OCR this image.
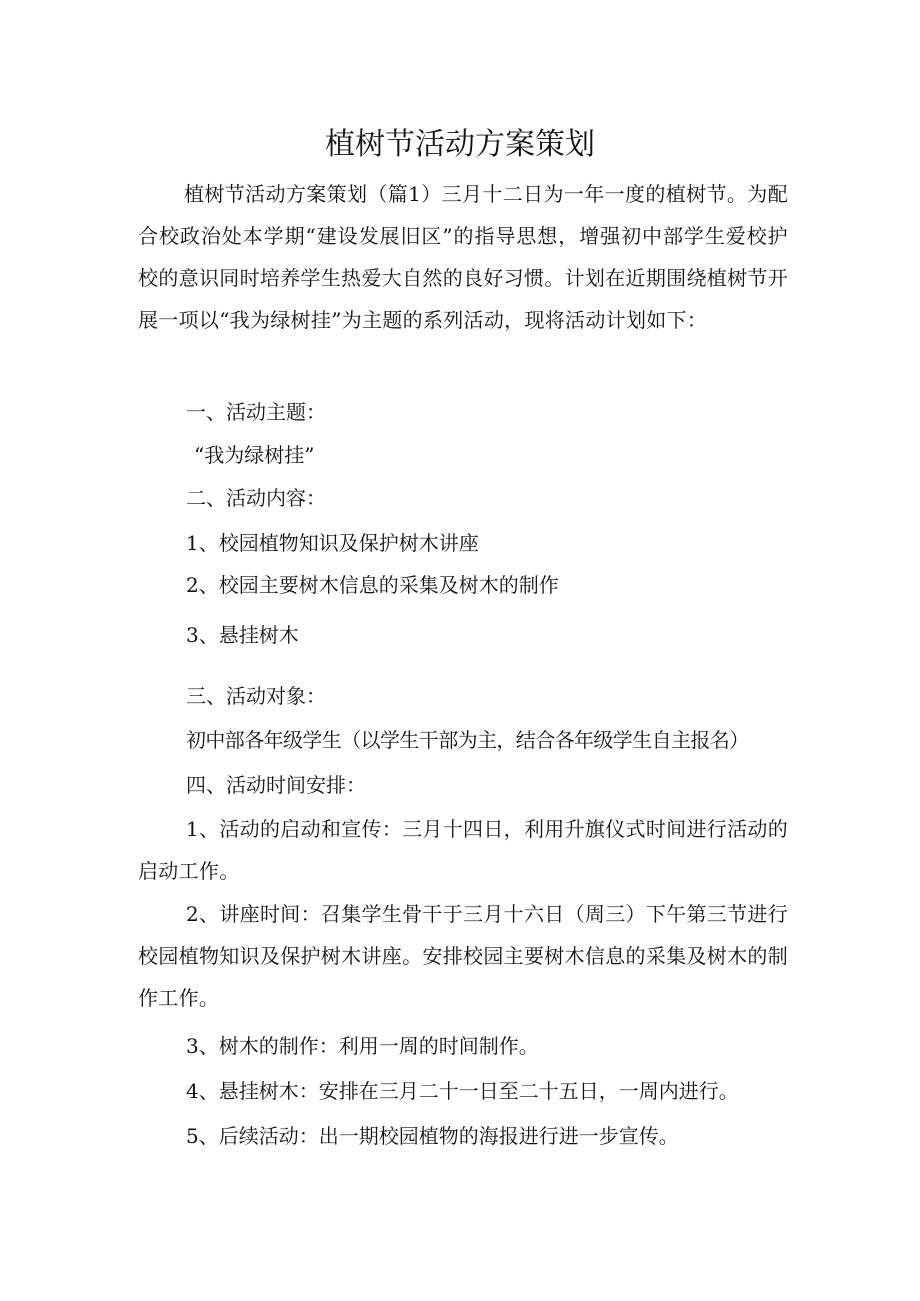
植树节活动方案策划

植树节活动方案策划（篇1）三月十二日为一年一度的植树节。为配合校政治处本学期“建设发展旧区”的指导思想，增强初中部学生爱校护校的意识同时培养学生热爱大自然的良好习惯。计划在近期围绕植树节开展一项以“我为绿树挂”为主题的系列活动，现将活动计划如下：

一、活动主题：

“我为绿树挂”

二、活动内容：

1、校园植物知识及保护树木讲座

2、校园主要树木信息的采集及树木的制作

3、悬挂树木

三、活动对象：

初中部各年级学生（以学生干部为主，结合各年级学生自主报名）

四、活动时间安排：

1、活动的启动和宣传：三月十四日，利用升旗仪式时间进行活动的启动工作。

2、讲座时间：召集学生骨干于三月十六日（周三）下午第三节进行校园植物知识及保护树木讲座。安排校园主要树木信息的采集及树木的制作工作。

3、树木的制作：利用一周的时间制作。

4、悬挂树木：安排在三月二十一日至二十五日，一周内进行。

5、后续活动：出一期校园植物的海报进行进一步宣传。
